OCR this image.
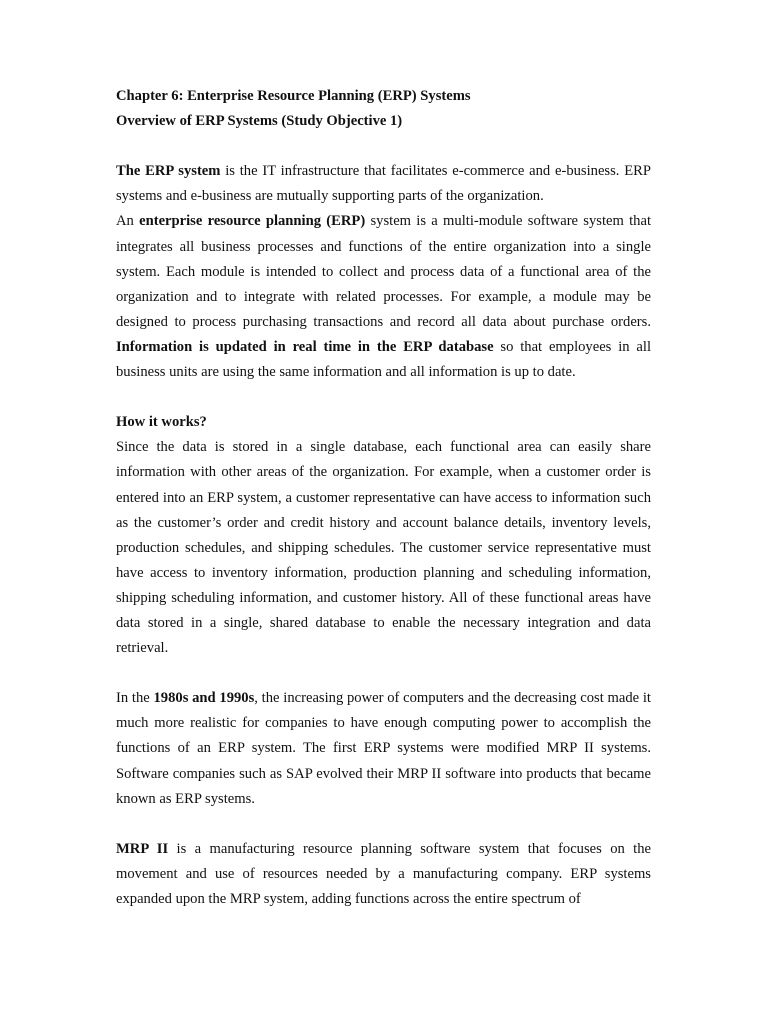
Chapter 6: Enterprise Resource Planning (ERP) Systems

Overview of ERP Systems (Study Objective 1)

The ERP system is the IT infrastructure that facilitates e-commerce and e-business. ERP systems and e-business are mutually supporting parts of the organization.

An enterprise resource planning (ERP) system is a multi-module software system that integrates all business processes and functions of the entire organization into a single system. Each module is intended to collect and process data of a functional area of the organization and to integrate with related processes. For example, a module may be designed to process purchasing transactions and record all data about purchase orders. Information is updated in real time in the ERP database so that employees in all business units are using the same information and all information is up to date.

How it works?

Since the data is stored in a single database, each functional area can easily share information with other areas of the organization. For example, when a customer order is entered into an ERP system, a customer representative can have access to information such as the customer’s order and credit history and account balance details, inventory levels, production schedules, and shipping schedules. The customer service representative must have access to inventory information, production planning and scheduling information, shipping scheduling information, and customer history. All of these functional areas have data stored in a single, shared database to enable the necessary integration and data retrieval.

In the 1980s and 1990s, the increasing power of computers and the decreasing cost made it much more realistic for companies to have enough computing power to accomplish the functions of an ERP system. The first ERP systems were modified MRP II systems. Software companies such as SAP evolved their MRP II software into products that became known as ERP systems.

MRP II is a manufacturing resource planning software system that focuses on the movement and use of resources needed by a manufacturing company. ERP systems expanded upon the MRP system, adding functions across the entire spectrum of
